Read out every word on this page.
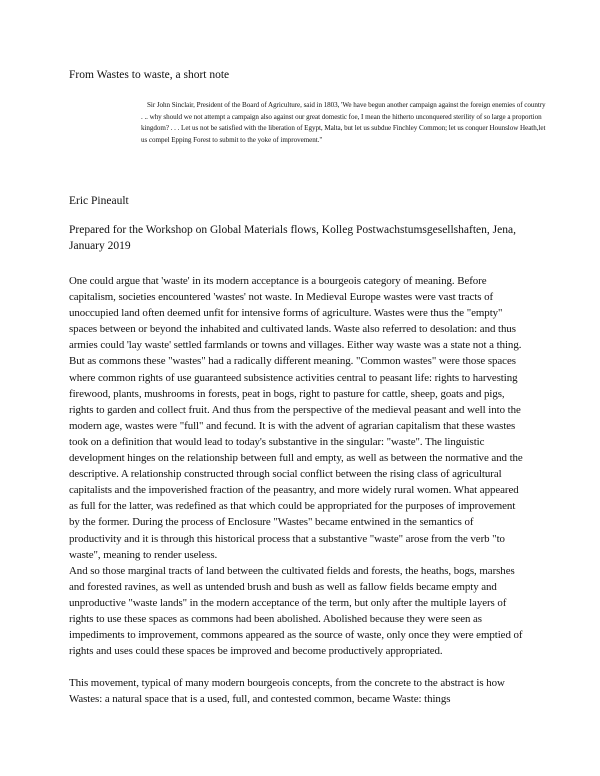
From Wastes to waste, a short note
Sir John Sinclair, President of the Board of Agriculture, said in 1803, 'We have begun another campaign against the foreign enemies of country . .. why should we not attempt a campaign also against our great domestic foe, I mean the hitherto unconquered sterility of so large a proportion kingdom? . . . Let us not be satisfied with the liberation of Egypt, Malta, but let us subdue Finchley Common; let us conquer Hounslow Heath,let us compel Epping Forest to submit to the yoke of improvement."
Eric Pineault
Prepared for the Workshop on Global Materials flows, Kolleg Postwachstumsgesellshaften, Jena, January 2019

One could argue that 'waste' in its modern acceptance is a bourgeois category of meaning. Before capitalism, societies encountered 'wastes' not waste. In Medieval Europe wastes were vast tracts of unoccupied land often deemed unfit for intensive forms of agriculture. Wastes were thus the "empty" spaces between or beyond the inhabited and cultivated lands. Waste also referred to desolation: and thus armies could 'lay waste' settled farmlands or towns and villages. Either way waste was a state not a thing. But as commons these "wastes" had a radically different meaning. "Common wastes" were those spaces where common rights of use guaranteed subsistence activities central to peasant life: rights to harvesting firewood, plants, mushrooms in forests, peat in bogs, right to pasture for cattle, sheep, goats and pigs, rights to garden and collect fruit. And thus from the perspective of the medieval peasant and well into the modern age, wastes were "full" and fecund. It is with the advent of agrarian capitalism that these wastes took on a definition that would lead to today's substantive in the singular: "waste". The linguistic development hinges on the relationship between full and empty, as well as between the normative and the descriptive. A relationship constructed through social conflict between the rising class of agricultural capitalists and the impoverished fraction of the peasantry, and more widely rural women. What appeared as full for the latter, was redefined as that which could be appropriated for the purposes of improvement by the former. During the process of Enclosure "Wastes" became entwined in the semantics of productivity and it is through this historical process that a substantive "waste" arose from the verb "to waste", meaning to render useless.

And so those marginal tracts of land between the cultivated fields and forests, the heaths, bogs, marshes and forested ravines, as well as untended brush and bush as well as fallow fields became empty and unproductive "waste lands" in the modern acceptance of the term, but only after the multiple layers of rights to use these spaces as commons had been abolished. Abolished because they were seen as impediments to improvement, commons appeared as the source of waste, only once they were emptied of rights and uses could these spaces be improved and become productively appropriated.

This movement, typical of many modern bourgeois concepts, from the concrete to the abstract is how Wastes: a natural space that is a used, full, and contested common, became Waste: things
